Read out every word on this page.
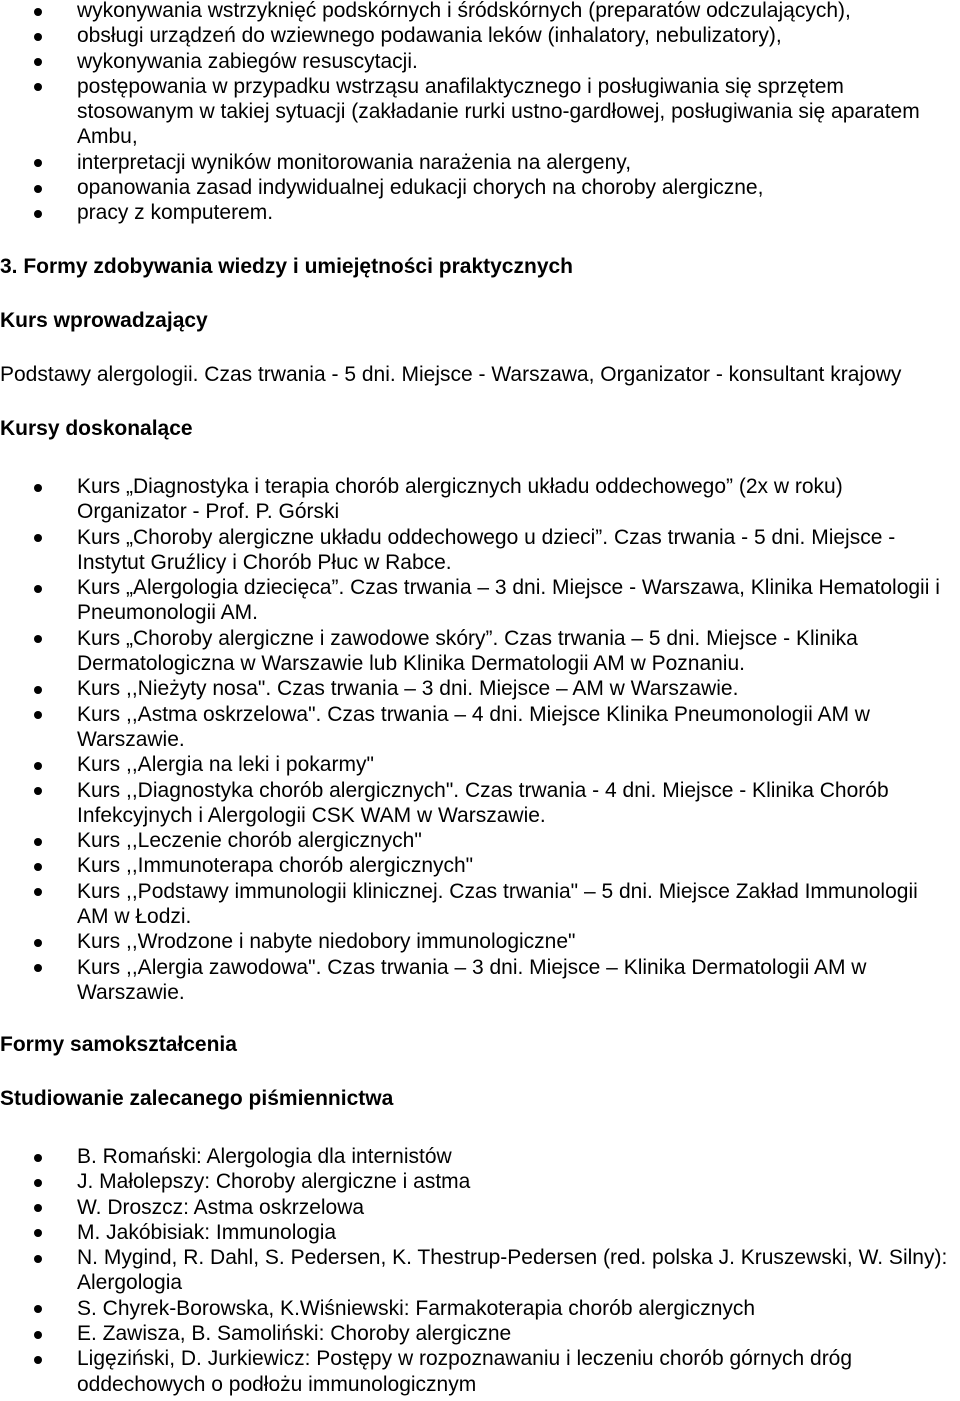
wykonywania wstrzyknięć podskórnych i śródskórnych (preparatów odczulających),
obsługi urządzeń do wziewnego podawania leków (inhalatory, nebulizatory),
wykonywania zabiegów resuscytacji.
postępowania w przypadku wstrząsu anafilaktycznego i posługiwania się sprzętem
stosowanym w takiej sytuacji (zakładanie rurki ustno-gardłowej, posługiwania się aparatem
Ambu,
interpretacji wyników monitorowania narażenia na alergeny,
opanowania zasad indywidualnej edukacji chorych na choroby alergiczne,
pracy z komputerem.
3. Formy zdobywania wiedzy i umiejętności praktycznych
Kurs wprowadzający
Podstawy alergologii. Czas trwania - 5 dni. Miejsce - Warszawa, Organizator - konsultant krajowy
Kursy doskonalące
Kurs „Diagnostyka i terapia chorób alergicznych układu oddechowego” (2x w roku)
Organizator - Prof. P. Górski
Kurs „Choroby alergiczne układu oddechowego u dzieci”. Czas trwania - 5 dni. Miejsce -
Instytut Gruźlicy i Chorób Płuc w Rabce.
Kurs „Alergologia dziecięca”. Czas trwania – 3 dni. Miejsce - Warszawa, Klinika Hematologii i
Pneumonologii AM.
Kurs „Choroby alergiczne i zawodowe skóry”. Czas trwania – 5 dni. Miejsce - Klinika
Dermatologiczna w Warszawie lub Klinika Dermatologii AM w Poznaniu.
Kurs ,,Nieżyty nosa". Czas trwania – 3 dni. Miejsce – AM w Warszawie.
Kurs ,,Astma oskrzelowa". Czas trwania – 4 dni. Miejsce Klinika Pneumonologii AM w
Warszawie.
Kurs ,,Alergia na leki i pokarmy"
Kurs ,,Diagnostyka chorób alergicznych". Czas trwania - 4 dni. Miejsce - Klinika Chorób
Infekcyjnych i Alergologii CSK WAM w Warszawie.
Kurs ,,Leczenie chorób alergicznych"
Kurs ,,Immunoterapa chorób alergicznych"
Kurs ,,Podstawy immunologii klinicznej. Czas trwania" – 5 dni. Miejsce Zakład Immunologii
AM w Łodzi.
Kurs ,,Wrodzone i nabyte niedobory immunologiczne"
Kurs ,,Alergia zawodowa". Czas trwania – 3 dni. Miejsce – Klinika Dermatologii AM w
Warszawie.
Formy samokształcenia
Studiowanie zalecanego piśmiennictwa
B. Romański: Alergologia dla internistów
J. Małolepszy: Choroby alergiczne i astma
W. Droszcz: Astma oskrzelowa
M. Jakóbisiak: Immunologia
N. Mygind, R. Dahl, S. Pedersen, K. Thestrup-Pedersen (red. polska J. Kruszewski, W. Silny):
Alergologia
S. Chyrek-Borowska, K.Wiśniewski: Farmakoterapia chorób alergicznych
E. Zawisza, B. Samoliński: Choroby alergiczne
Ligęziński, D. Jurkiewicz: Postępy w rozpoznawaniu i leczeniu chorób górnych dróg
oddechowych o podłożu immunologicznym
